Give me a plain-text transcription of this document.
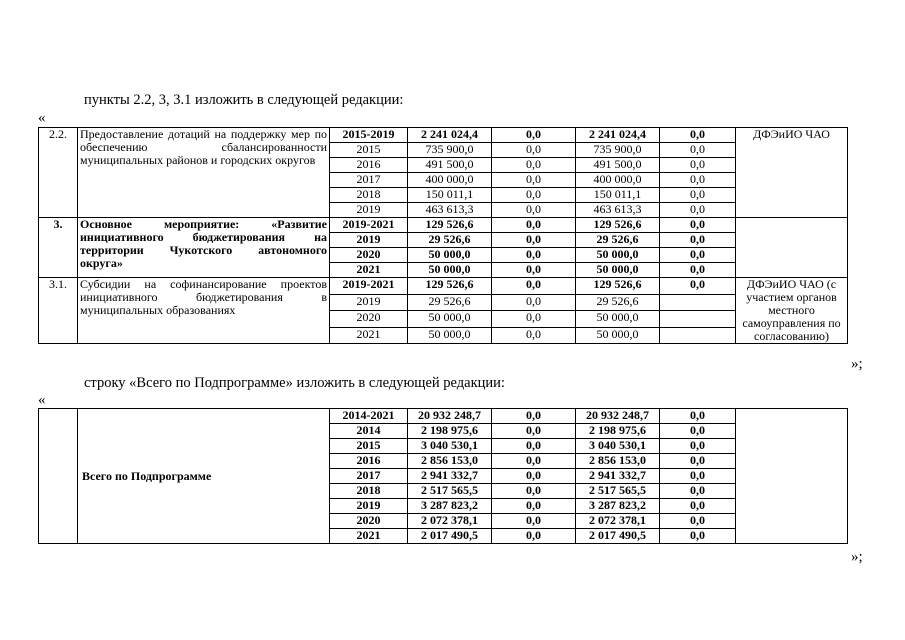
пункты 2.2, 3, 3.1 изложить в следующей редакции:
«
2.2.	Предоставление дотаций на поддержку мер по обеспечению сбалансированности муниципальных районов и городских округов	2015-2019	2 241 024,4	0,0	2 241 024,4	0,0	ДФЭиИО ЧАО
		2015	735 900,0	0,0	735 900,0	0,0	
		2016	491 500,0	0,0	491 500,0	0,0	
		2017	400 000,0	0,0	400 000,0	0,0	
		2018	150 011,1	0,0	150 011,1	0,0	
		2019	463 613,3	0,0	463 613,3	0,0	
3.	Основное мероприятие: «Развитие инициативного бюджетирования на территории Чукотского автономного округа»	2019-2021	129 526,6	0,0	129 526,6	0,0	
		2019	29 526,6	0,0	29 526,6	0,0	
		2020	50 000,0	0,0	50 000,0	0,0	
		2021	50 000,0	0,0	50 000,0	0,0	
3.1.	Субсидии на софинансирование проектов инициативного бюджетирования в муниципальных образованиях	2019-2021	129 526,6	0,0	129 526,6	0,0	ДФЭиИО ЧАО (с участием органов местного самоуправления по согласованию)
		2019	29 526,6	0,0	29 526,6		
		2020	50 000,0	0,0	50 000,0		
		2021	50 000,0	0,0	50 000,0		
»;
строку «Всего по Подпрограмме» изложить в следующей редакции:
«
	Всего по Подпрограмме	2014-2021	20 932 248,7	0,0	20 932 248,7	0,0	
		2014	2 198 975,6	0,0	2 198 975,6	0,0	
		2015	3 040 530,1	0,0	3 040 530,1	0,0	
		2016	2 856 153,0	0,0	2 856 153,0	0,0	
		2017	2 941 332,7	0,0	2 941 332,7	0,0	
		2018	2 517 565,5	0,0	2 517 565,5	0,0	
		2019	3 287 823,2	0,0	3 287 823,2	0,0	
		2020	2 072 378,1	0,0	2 072 378,1	0,0	
		2021	2 017 490,5	0,0	2 017 490,5	0,0	
»;
